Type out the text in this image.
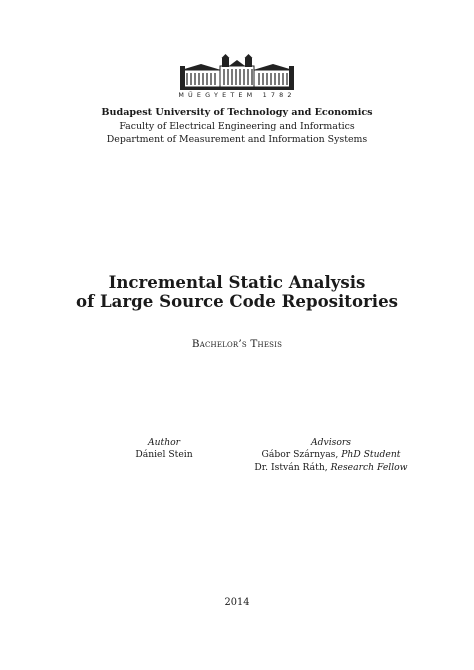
MŰEGYETEM 1782
Budapest University of Technology and Economics
Faculty of Electrical Engineering and Informatics
Department of Measurement and Information Systems
Incremental Static Analysis
of Large Source Code Repositories
Bachelor’s Thesis
Author
Dániel Stein
Advisors
Gábor Szárnyas, PhD Student
Dr. István Ráth, Research Fellow
2014
